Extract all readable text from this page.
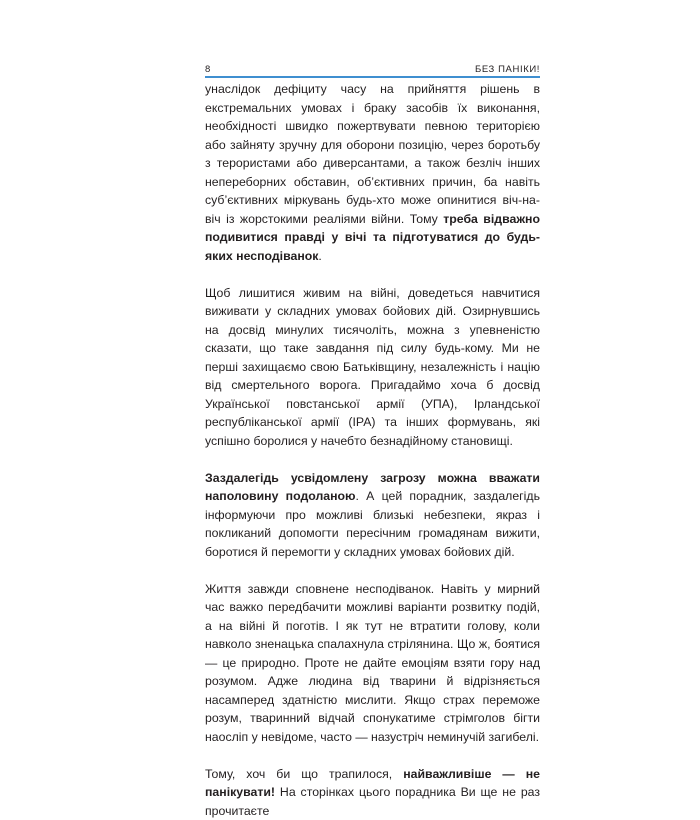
8	БЕЗ ПАНІКИ!

унаслідок дефіциту часу на прийняття рішень в екстремальних умовах і браку засобів їх виконання, необхідності швидко пожертвувати певною територією або зайняту зручну для оборони позицію, через боротьбу з терористами або диверсантами, а також безліч інших непереборних обставин, об’єктивних причин, ба навіть суб’єктивних міркувань будь-хто може опинитися віч-на-віч із жорстокими реаліями війни. Тому треба відважно подивитися правді у вічі та підготуватися до будь-яких несподіванок.

Щоб лишитися живим на війні, доведеться навчитися виживати у складних умовах бойових дій. Озирнувшись на досвід минулих тисячоліть, можна з упевненістю сказати, що таке завдання під силу будь-кому. Ми не перші захищаємо свою Батьківщину, незалежність і націю від смертельного ворога. Пригадаймо хоча б досвід Української повстанської армії (УПА), Ірландської республіканської армії (ІРА) та інших формувань, які успішно боролися у начебто безнадійному становищі.

Заздалегідь усвідомлену загрозу можна вважати наполовину подоланою. А цей порадник, заздалегідь інформуючи про можливі близькі небезпеки, якраз і покликаний допомогти пересічним громадянам вижити, боротися й перемогти у складних умовах бойових дій.

Життя завжди сповнене несподіванок. Навіть у мирний час важко передбачити можливі варіанти розвитку подій, а на війні й поготів. І як тут не втратити голову, коли навколо зненацька спалахнула стрілянина. Що ж, боятися — це природно. Проте не дайте емоціям взяти гору над розумом. Адже людина від тварини й відрізняється насамперед здатністю мислити. Якщо страх переможе розум, тваринний відчай спонукатиме стрімголов бігти наосліп у невідоме, часто — назустріч неминучій загибелі.

Тому, хоч би що трапилося, найважливіше — не панікувати! На сторінках цього порадника Ви ще не раз прочитаєте
